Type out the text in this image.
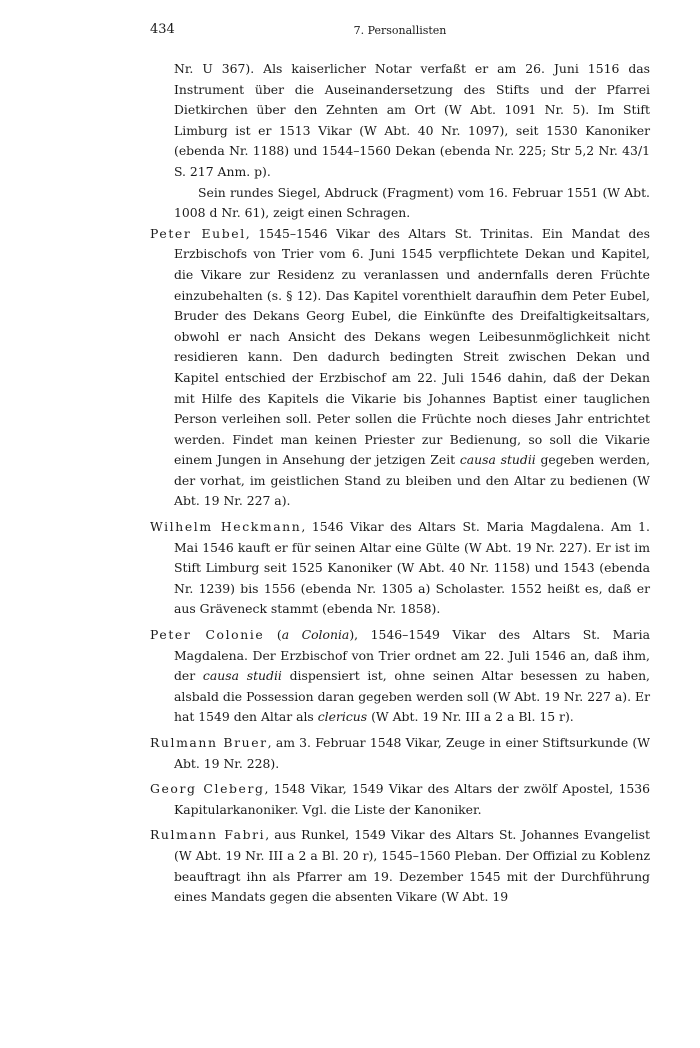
434	7. Personallisten

Nr. U 367). Als kaiserlicher Notar verfaßt er am 26. Juni 1516 das Instrument über die Auseinandersetzung des Stifts und der Pfarrei Dietkirchen über den Zehnten am Ort (W Abt. 1091 Nr. 5). Im Stift Limburg ist er 1513 Vikar (W Abt. 40 Nr. 1097), seit 1530 Kanoniker (ebenda Nr. 1188) und 1544–1560 Dekan (ebenda Nr. 225; Str 5,2 Nr. 43/1 S. 217 Anm. p).

Sein rundes Siegel, Abdruck (Fragment) vom 16. Februar 1551 (W Abt. 1008 d Nr. 61), zeigt einen Schragen.

Peter Eubel, 1545–1546 Vikar des Altars St. Trinitas. Ein Mandat des Erzbischofs von Trier vom 6. Juni 1545 verpflichtete Dekan und Kapitel, die Vikare zur Residenz zu veranlassen und andernfalls deren Früchte einzubehalten (s. § 12). Das Kapitel vorenthielt daraufhin dem Peter Eubel, Bruder des Dekans Georg Eubel, die Einkünfte des Dreifaltigkeitsaltars, obwohl er nach Ansicht des Dekans wegen Leibesunmöglichkeit nicht residieren kann. Den dadurch bedingten Streit zwischen Dekan und Kapitel entschied der Erzbischof am 22. Juli 1546 dahin, daß der Dekan mit Hilfe des Kapitels die Vikarie bis Johannes Baptist einer tauglichen Person verleihen soll. Peter sollen die Früchte noch dieses Jahr entrichtet werden. Findet man keinen Priester zur Bedienung, so soll die Vikarie einem Jungen in Ansehung der jetzigen Zeit causa studii gegeben werden, der vorhat, im geistlichen Stand zu bleiben und den Altar zu bedienen (W Abt. 19 Nr. 227 a).

Wilhelm Heckmann, 1546 Vikar des Altars St. Maria Magdalena. Am 1. Mai 1546 kauft er für seinen Altar eine Gülte (W Abt. 19 Nr. 227). Er ist im Stift Limburg seit 1525 Kanoniker (W Abt. 40 Nr. 1158) und 1543 (ebenda Nr. 1239) bis 1556 (ebenda Nr. 1305 a) Scholaster. 1552 heißt es, daß er aus Gräveneck stammt (ebenda Nr. 1858).

Peter Colonie (a Colonia), 1546–1549 Vikar des Altars St. Maria Magdalena. Der Erzbischof von Trier ordnet am 22. Juli 1546 an, daß ihm, der causa studii dispensiert ist, ohne seinen Altar besessen zu haben, alsbald die Possession daran gegeben werden soll (W Abt. 19 Nr. 227 a). Er hat 1549 den Altar als clericus (W Abt. 19 Nr. III a 2 a Bl. 15 r).

Rulmann Bruer, am 3. Februar 1548 Vikar, Zeuge in einer Stiftsurkunde (W Abt. 19 Nr. 228).

Georg Cleberg, 1548 Vikar, 1549 Vikar des Altars der zwölf Apostel, 1536 Kapitularkanoniker. Vgl. die Liste der Kanoniker.

Rulmann Fabri, aus Runkel, 1549 Vikar des Altars St. Johannes Evangelist (W Abt. 19 Nr. III a 2 a Bl. 20 r), 1545–1560 Pleban. Der Offizial zu Koblenz beauftragt ihn als Pfarrer am 19. Dezember 1545 mit der Durchführung eines Mandats gegen die absenten Vikare (W Abt. 19
